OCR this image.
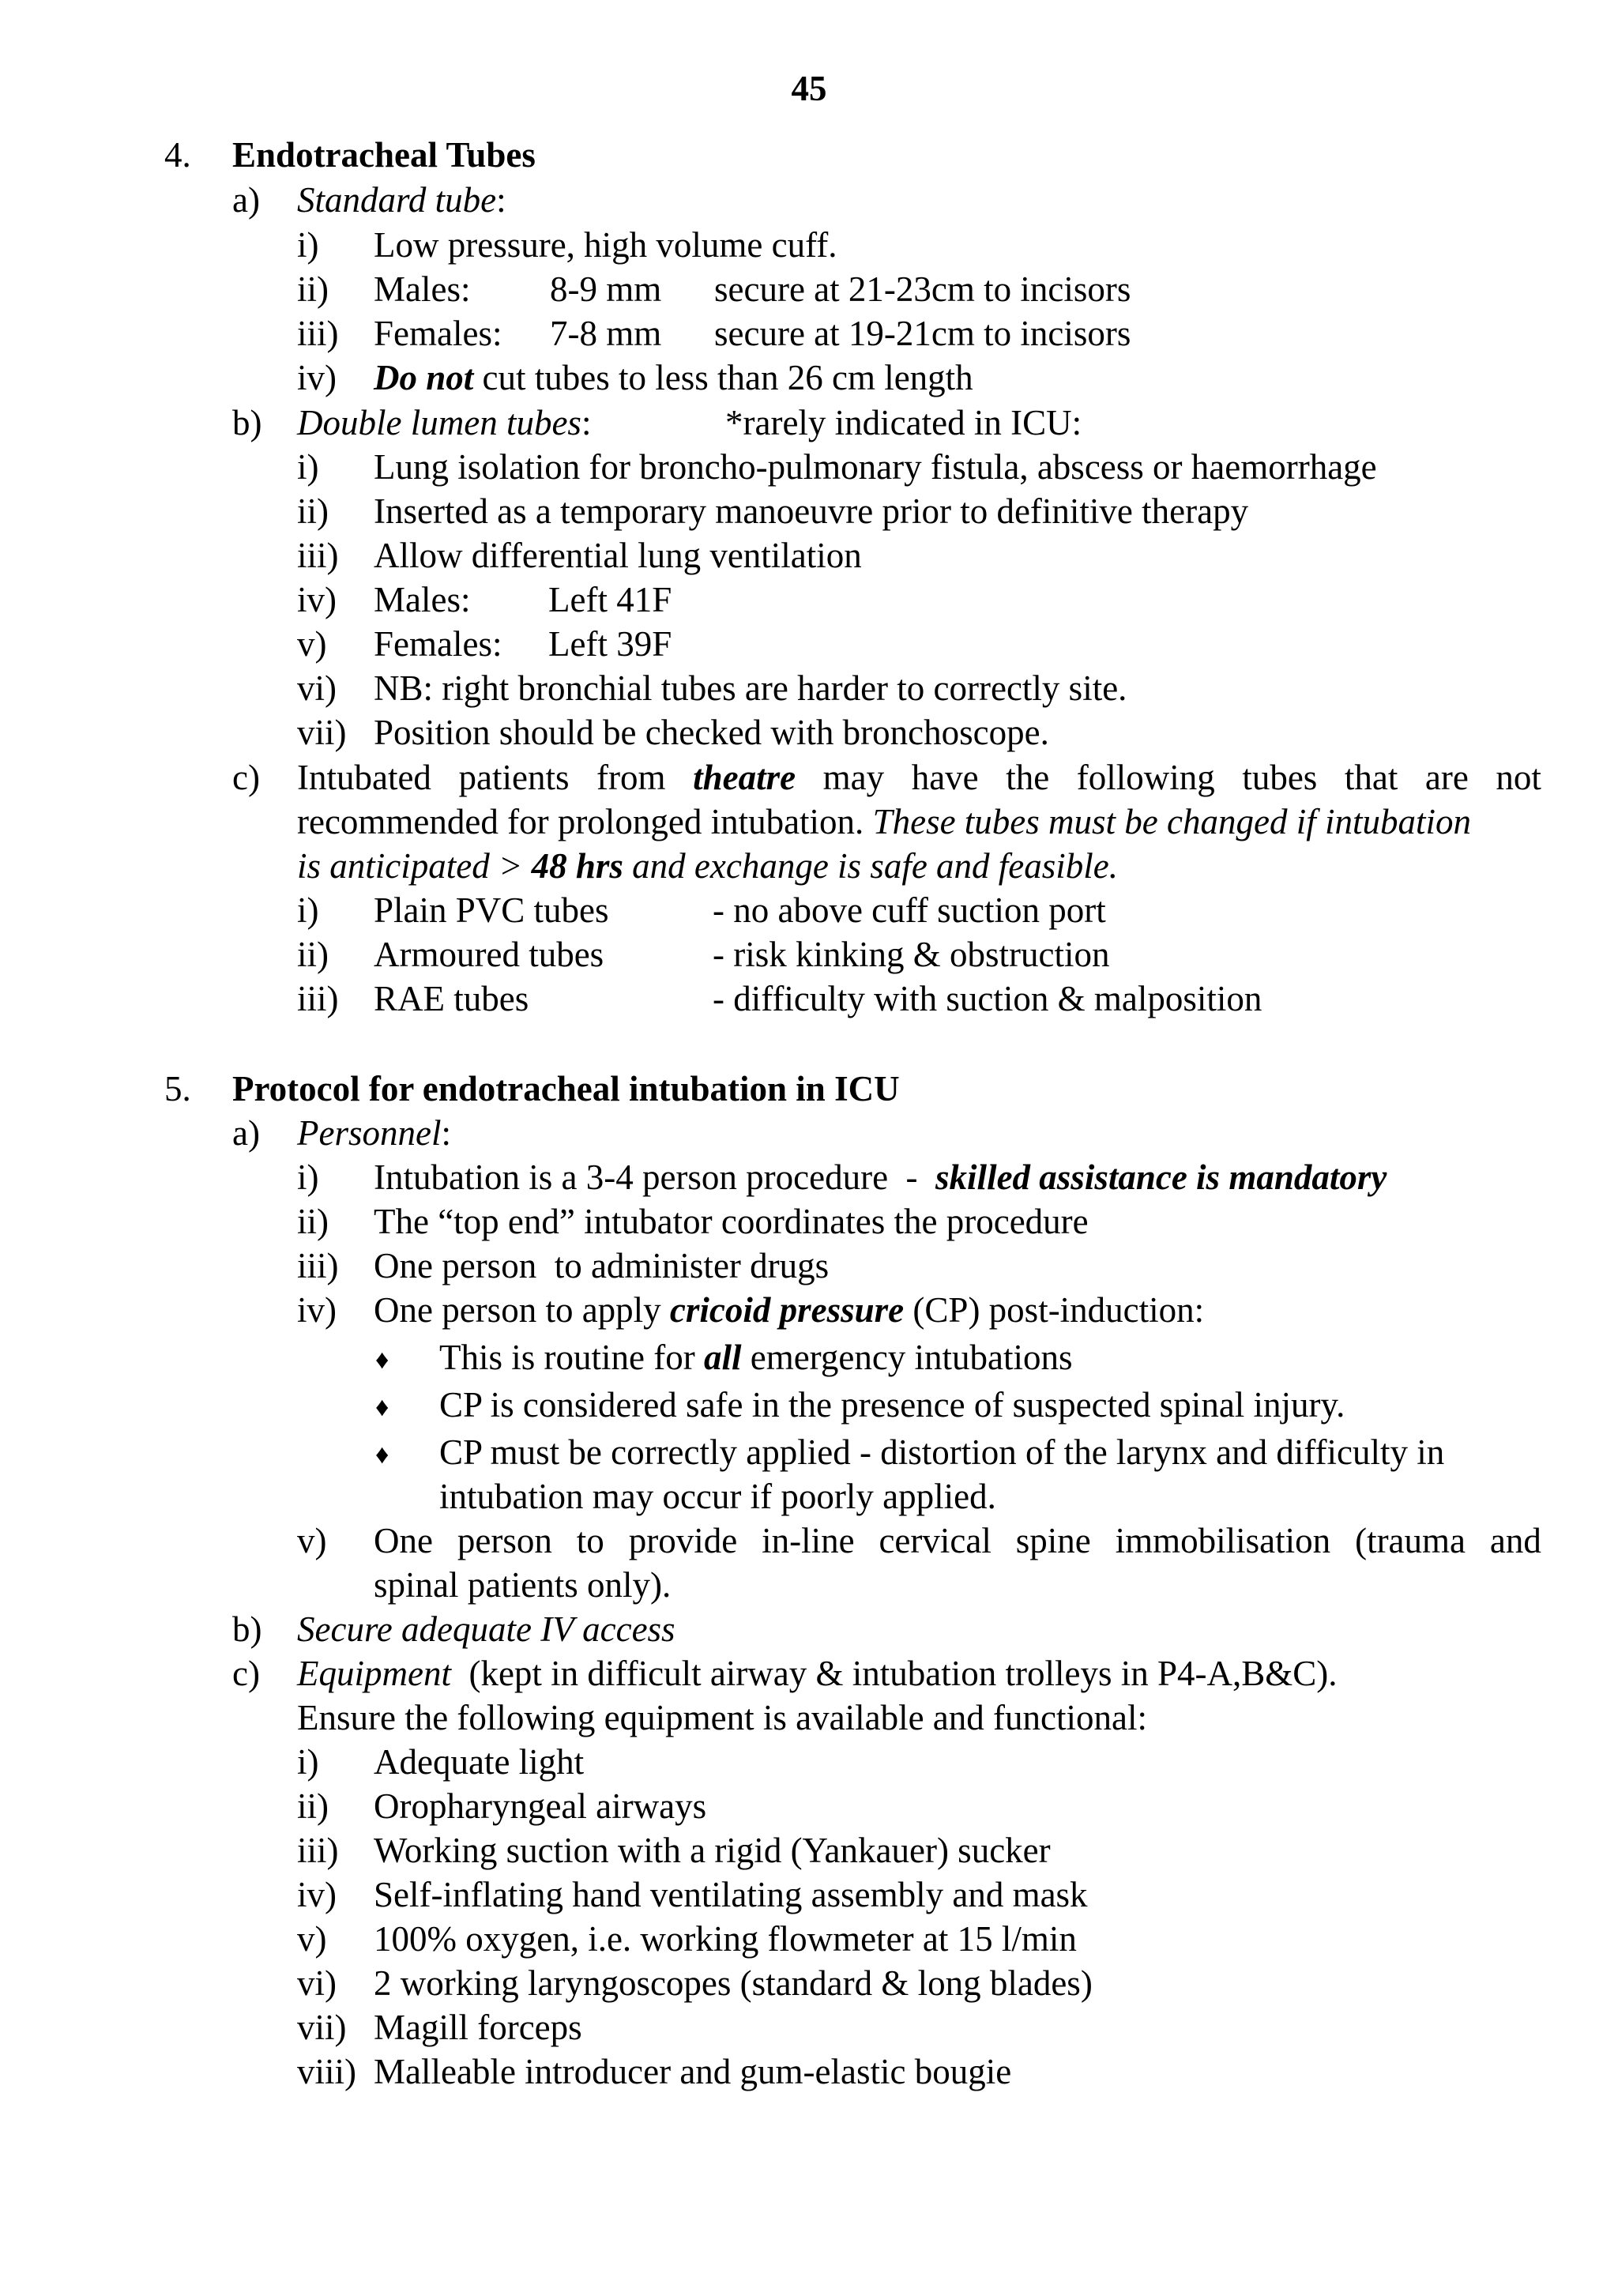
45
4. Endotracheal Tubes
a) Standard tube:
i) Low pressure, high volume cuff.
ii) Males: 8-9 mm secure at 21-23cm to incisors
iii) Females: 7-8 mm secure at 19-21cm to incisors
iv) Do not cut tubes to less than 26 cm length
b) Double lumen tubes:	*rarely indicated in ICU:
i) Lung isolation for broncho-pulmonary fistula, abscess or haemorrhage
ii) Inserted as a temporary manoeuvre prior to definitive therapy
iii) Allow differential lung ventilation
iv) Males: Left 41F
v) Females: Left 39F
vi) NB: right bronchial tubes are harder to correctly site.
vii) Position should be checked with bronchoscope.
c) Intubated patients from theatre may have the following tubes that are not
recommended for prolonged intubation. These tubes must be changed if intubation
is anticipated > 48 hrs and exchange is safe and feasible.
i) Plain PVC tubes	- no above cuff suction port
ii) Armoured tubes	- risk kinking & obstruction
iii) RAE tubes	- difficulty with suction & malposition
5. Protocol for endotracheal intubation in ICU
a) Personnel:
i) Intubation is a 3-4 person procedure  -  skilled assistance is mandatory
ii) The “top end” intubator coordinates the procedure
iii) One person  to administer drugs
iv) One person to apply cricoid pressure (CP) post-induction:
♦ This is routine for all emergency intubations
♦ CP is considered safe in the presence of suspected spinal injury.
♦ CP must be correctly applied - distortion of the larynx and difficulty in
intubation may occur if poorly applied.
v) One person to provide in-line cervical spine immobilisation (trauma and
spinal patients only).
b) Secure adequate IV access
c) Equipment  (kept in difficult airway & intubation trolleys in P4-A,B&C).
Ensure the following equipment is available and functional:
i) Adequate light
ii) Oropharyngeal airways
iii) Working suction with a rigid (Yankauer) sucker
iv) Self-inflating hand ventilating assembly and mask
v) 100% oxygen, i.e. working flowmeter at 15 l/min
vi) 2 working laryngoscopes (standard & long blades)
vii) Magill forceps
viii) Malleable introducer and gum-elastic bougie
